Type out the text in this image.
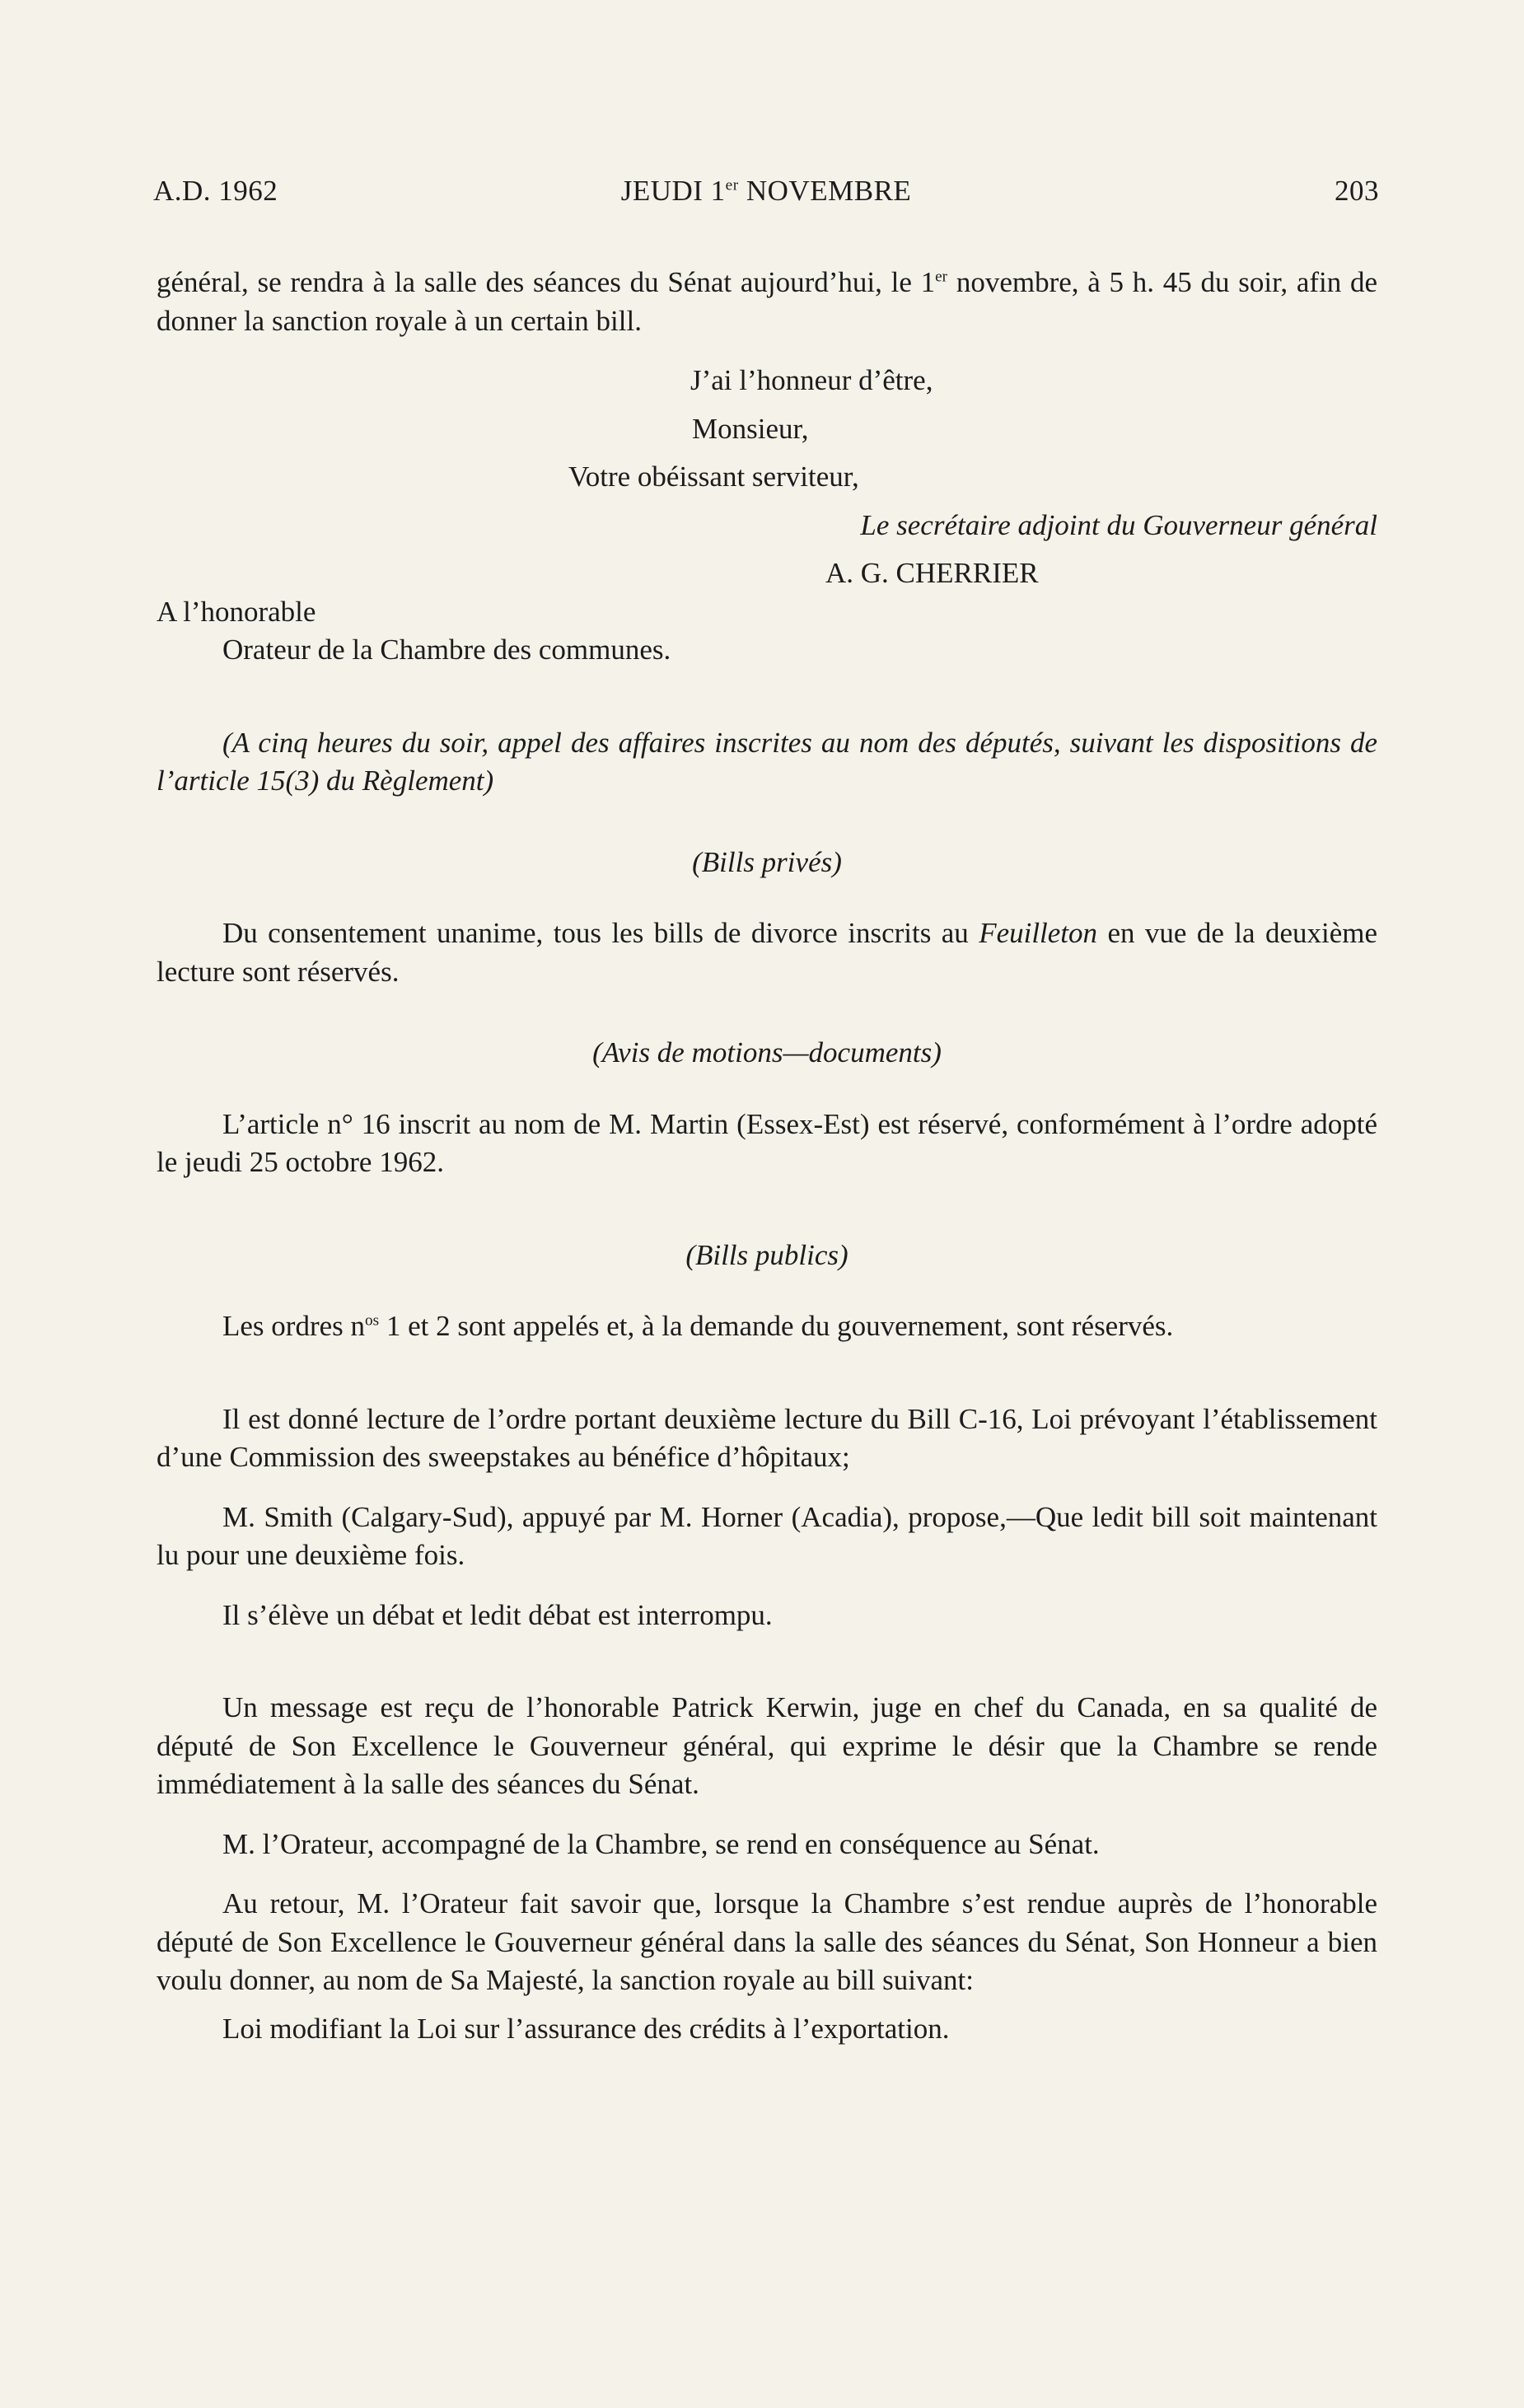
A.D. 1962	JEUDI 1er NOVEMBRE	203

général, se rendra à la salle des séances du Sénat aujourd’hui, le 1er novembre, à 5 h. 45 du soir, afin de donner la sanction royale à un certain bill.

J’ai l’honneur d’être,

Monsieur,

Votre obéissant serviteur,

Le secrétaire adjoint du Gouverneur général

A. G. CHERRIER

A l’honorable

Orateur de la Chambre des communes.

(A cinq heures du soir, appel des affaires inscrites au nom des députés, suivant les dispositions de l’article 15(3) du Règlement)

(Bills privés)

Du consentement unanime, tous les bills de divorce inscrits au Feuilleton en vue de la deuxième lecture sont réservés.

(Avis de motions—documents)

L’article n° 16 inscrit au nom de M. Martin (Essex-Est) est réservé, conformément à l’ordre adopté le jeudi 25 octobre 1962.

(Bills publics)

Les ordres $n^{os}$ 1 et 2 sont appelés et, à la demande du gouvernement, sont réservés.

Il est donné lecture de l’ordre portant deuxième lecture du Bill C-16, Loi prévoyant l’établissement d’une Commission des sweepstakes au bénéfice d’hôpitaux;

M. Smith (Calgary-Sud), appuyé par M. Horner (Acadia), propose,—Que ledit bill soit maintenant lu pour une deuxième fois.

Il s’élève un débat et ledit débat est interrompu.

Un message est reçu de l’honorable Patrick Kerwin, juge en chef du Canada, en sa qualité de député de Son Excellence le Gouverneur général, qui exprime le désir que la Chambre se rende immédiatement à la salle des séances du Sénat.

M. l’Orateur, accompagné de la Chambre, se rend en conséquence au Sénat.

Au retour, M. l’Orateur fait savoir que, lorsque la Chambre s’est rendue auprès de l’honorable député de Son Excellence le Gouverneur général dans la salle des séances du Sénat, Son Honneur a bien voulu donner, au nom de Sa Majesté, la sanction royale au bill suivant:

Loi modifiant la Loi sur l’assurance des crédits à l’exportation.
